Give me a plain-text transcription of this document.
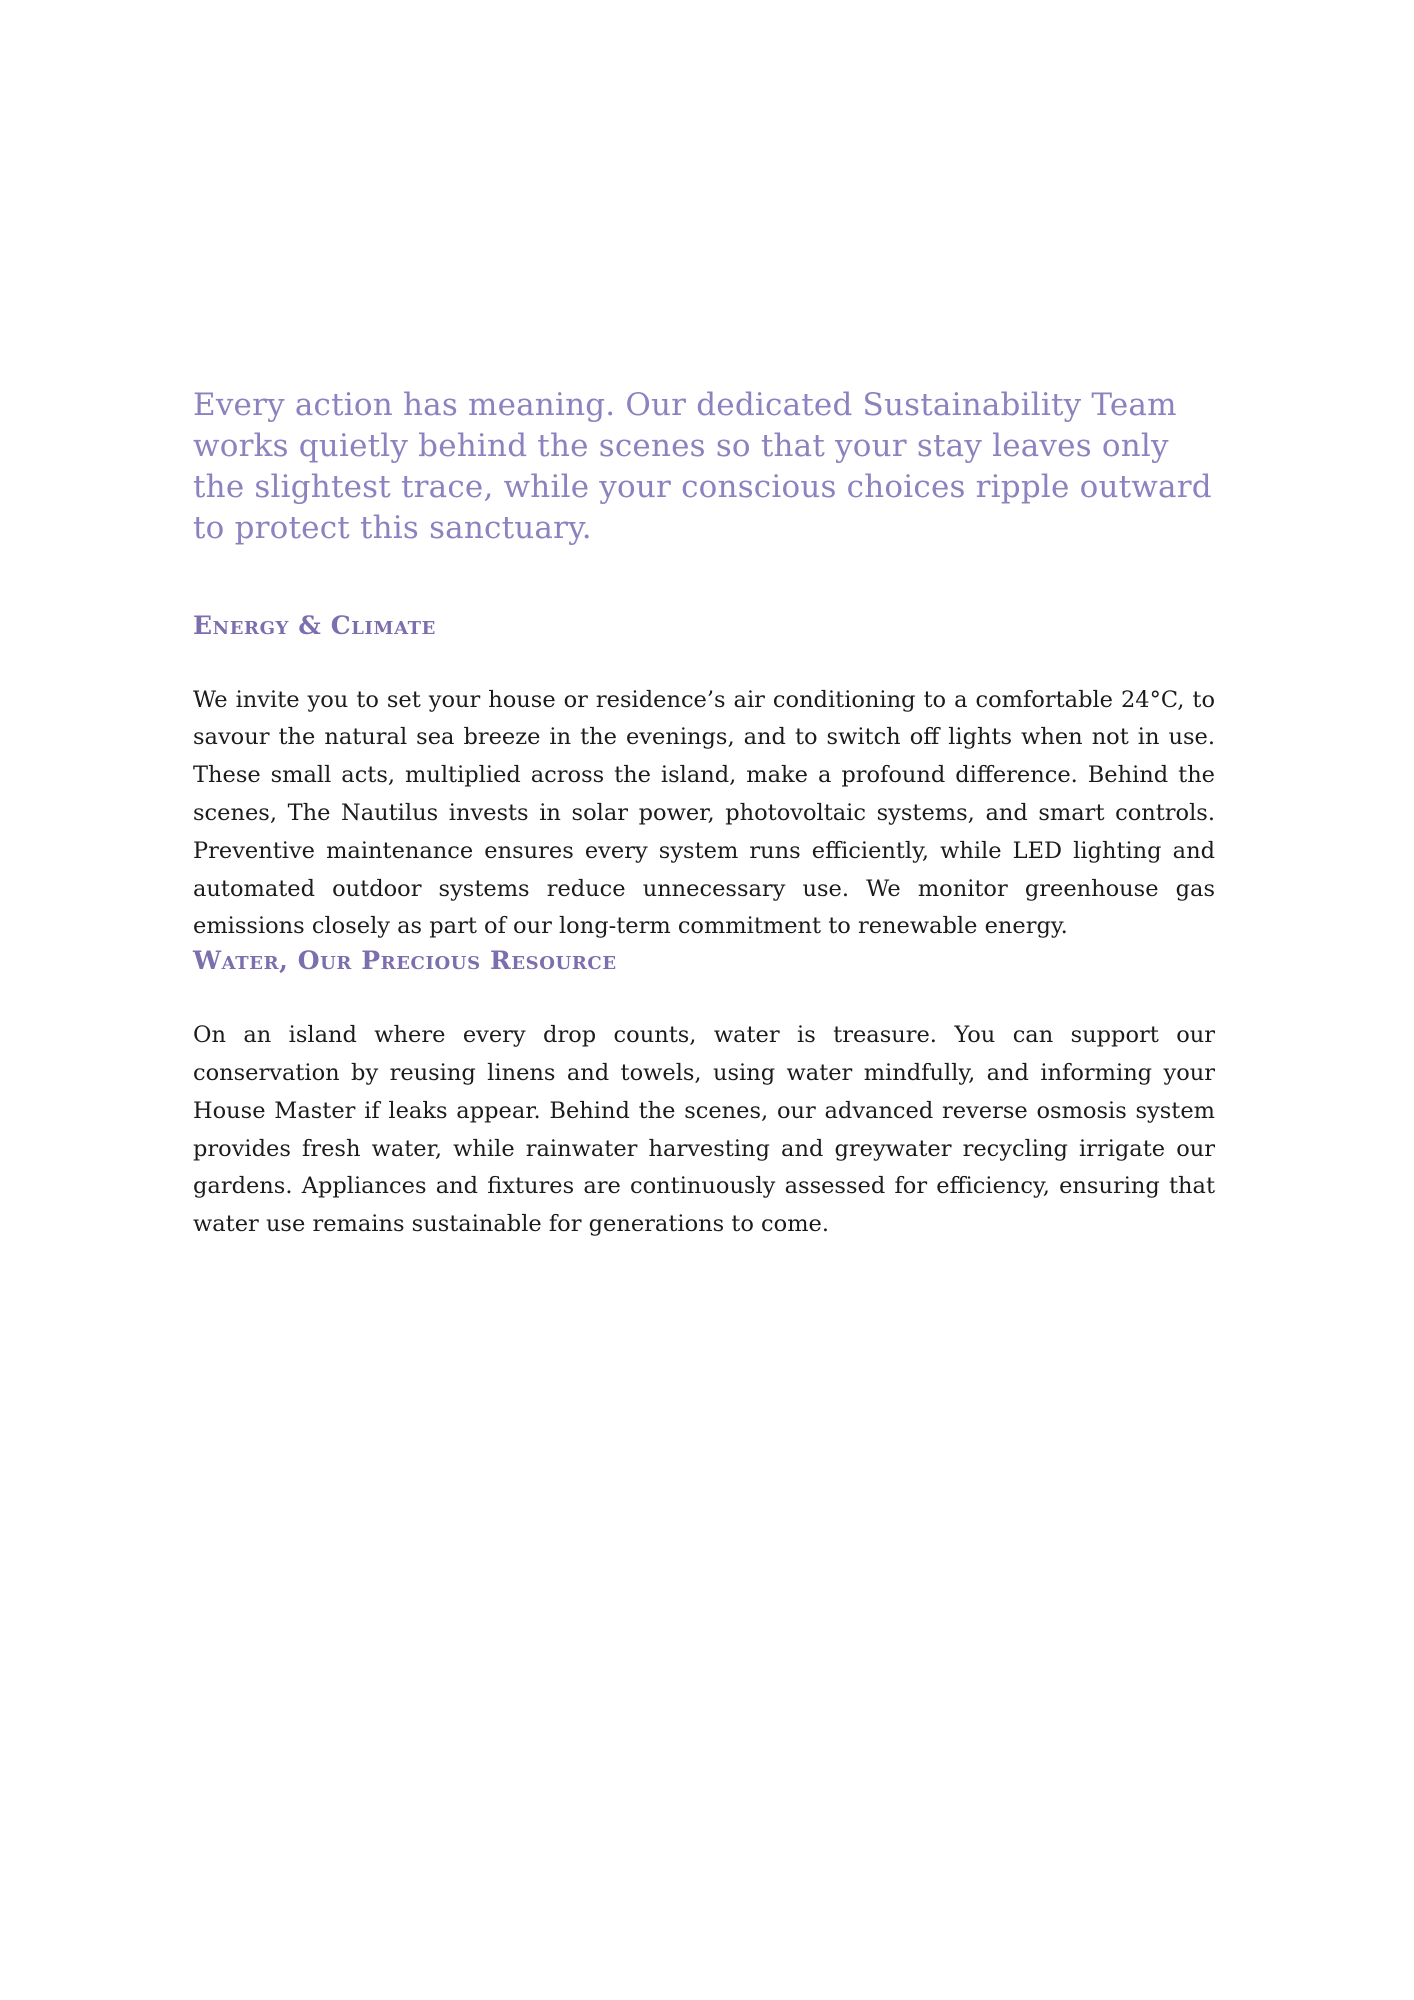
Every action has meaning. Our dedicated Sustainability Team works quietly behind the scenes so that your stay leaves only the slightest trace, while your conscious choices ripple outward to protect this sanctuary.

Energy & Climate

We invite you to set your house or residence’s air conditioning to a comfortable 24°C, to savour the natural sea breeze in the evenings, and to switch off lights when not in use. These small acts, multiplied across the island, make a profound difference. Behind the scenes, The Nautilus invests in solar power, photovoltaic systems, and smart controls. Preventive maintenance ensures every system runs efficiently, while LED lighting and automated outdoor systems reduce unnecessary use. We monitor greenhouse gas emissions closely as part of our long-term commitment to renewable energy.

Water, Our Precious Resource

On an island where every drop counts, water is treasure. You can support our conservation by reusing linens and towels, using water mindfully, and informing your House Master if leaks appear. Behind the scenes, our advanced reverse osmosis system provides fresh water, while rainwater harvesting and greywater recycling irrigate our gardens. Appliances and fixtures are continuously assessed for efficiency, ensuring that water use remains sustainable for generations to come.
